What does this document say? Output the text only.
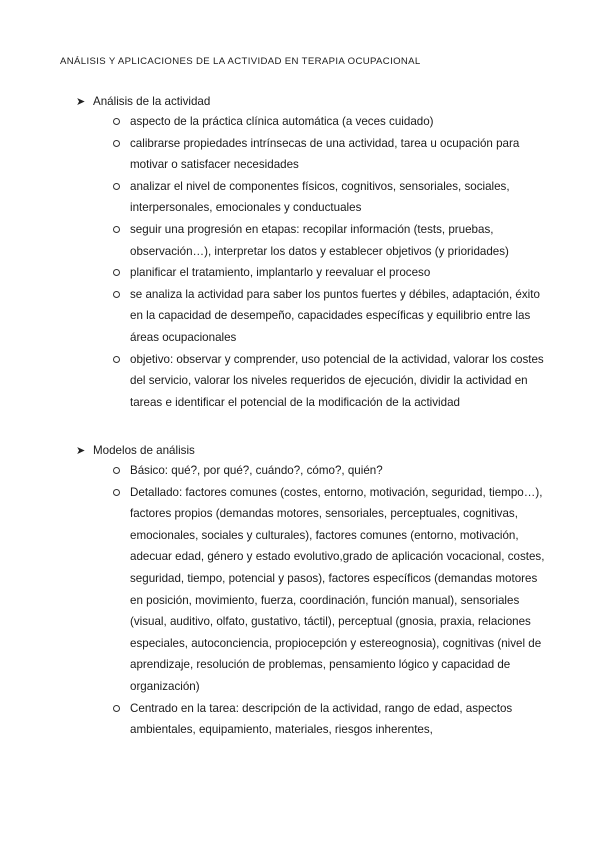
ANÁLISIS Y APLICACIONES DE LA ACTIVIDAD EN TERAPIA OCUPACIONAL
➤ Análisis de la actividad
aspecto de la práctica clínica automática (a veces cuidado)
calibrarse propiedades intrínsecas de una actividad, tarea u ocupación para motivar o satisfacer necesidades
analizar el nivel de componentes físicos, cognitivos, sensoriales, sociales, interpersonales, emocionales y conductuales
seguir una progresión en etapas: recopilar información (tests, pruebas, observación…), interpretar los datos y establecer objetivos (y prioridades)
planificar el tratamiento, implantarlo y reevaluar el proceso
se analiza la actividad para saber los puntos fuertes y débiles, adaptación, éxito en la capacidad de desempeño, capacidades específicas y equilibrio entre las áreas ocupacionales
objetivo: observar y comprender, uso potencial de la actividad, valorar los costes del servicio, valorar los niveles requeridos de ejecución, dividir la actividad en tareas e identificar el potencial de la modificación de la actividad
➤ Modelos de análisis
Básico: qué?, por qué?, cuándo?, cómo?, quién?
Detallado: factores comunes (costes, entorno, motivación, seguridad, tiempo…), factores propios (demandas motores, sensoriales, perceptuales, cognitivas, emocionales, sociales y culturales), factores comunes (entorno, motivación, adecuar edad, género y estado evolutivo,grado de aplicación vocacional, costes, seguridad, tiempo, potencial y pasos), factores específicos (demandas motores en posición, movimiento, fuerza, coordinación, función manual), sensoriales (visual, auditivo, olfato, gustativo, táctil), perceptual (gnosia, praxia, relaciones especiales, autoconciencia, propiocepción y estereognosia), cognitivas (nivel de aprendizaje, resolución de problemas, pensamiento lógico y capacidad de organización)
Centrado en la tarea: descripción de la actividad, rango de edad, aspectos ambientales, equipamiento, materiales, riesgos inherentes,
